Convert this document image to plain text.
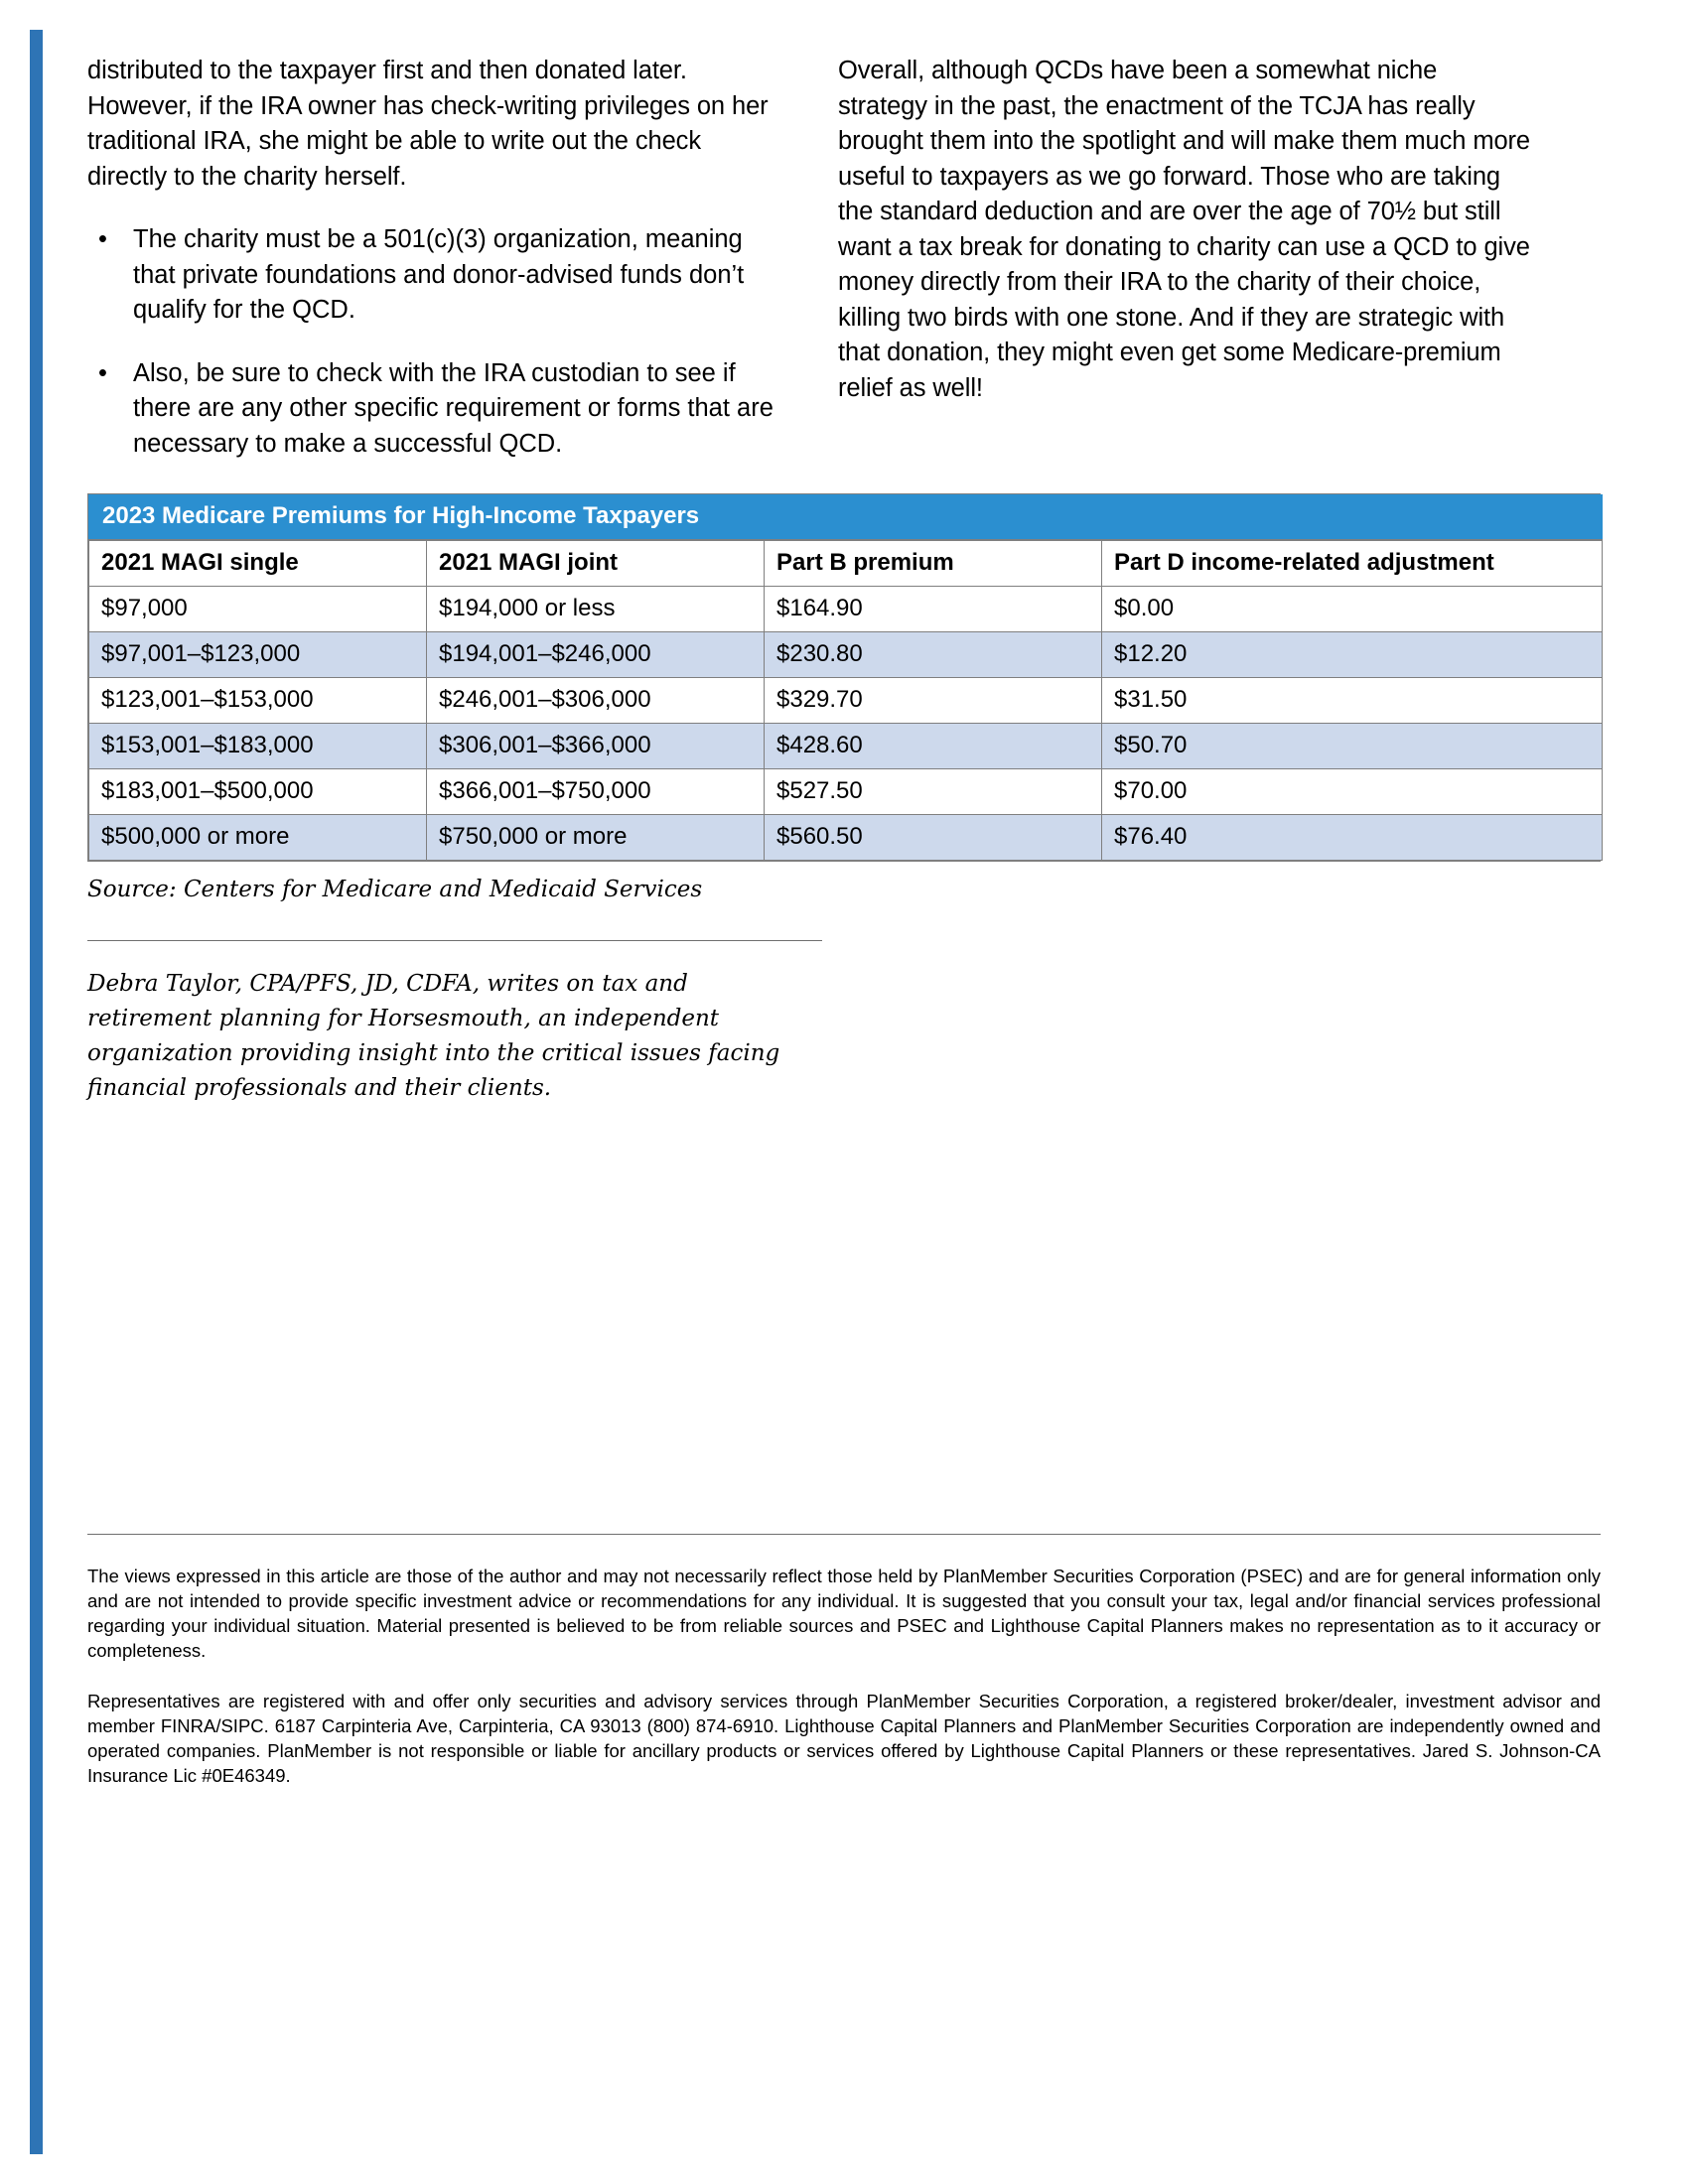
distributed to the taxpayer first and then donated later. However, if the IRA owner has check-writing privileges on her traditional IRA, she might be able to write out the check directly to the charity herself.

• The charity must be a 501(c)(3) organization, meaning that private foundations and donor-advised funds don’t qualify for the QCD.
• Also, be sure to check with the IRA custodian to see if there are any other specific requirement or forms that are necessary to make a successful QCD.

Overall, although QCDs have been a somewhat niche strategy in the past, the enactment of the TCJA has really brought them into the spotlight and will make them much more useful to taxpayers as we go forward. Those who are taking the standard deduction and are over the age of 70½ but still want a tax break for donating to charity can use a QCD to give money directly from their IRA to the charity of their choice, killing two birds with one stone. And if they are strategic with that donation, they might even get some Medicare-premium relief as well!

2023 Medicare Premiums for High-Income Taxpayers
2021 MAGI single	2021 MAGI joint	Part B premium	Part D income-related adjustment
$97,000	$194,000 or less	$164.90	$0.00
$97,001–$123,000	$194,001–$246,000	$230.80	$12.20
$123,001–$153,000	$246,001–$306,000	$329.70	$31.50
$153,001–$183,000	$306,001–$366,000	$428.60	$50.70
$183,001–$500,000	$366,001–$750,000	$527.50	$70.00
$500,000 or more	$750,000 or more	$560.50	$76.40
Source: Centers for Medicare and Medicaid Services
Debra Taylor, CPA/PFS, JD, CDFA, writes on tax and retirement planning for Horsesmouth, an independent organization providing insight into the critical issues facing financial professionals and their clients.

The views expressed in this article are those of the author and may not necessarily reflect those held by PlanMember Securities Corporation (PSEC) and are for general information only and are not intended to provide specific investment advice or recommendations for any individual. It is suggested that you consult your tax, legal and/or financial services professional regarding your individual situation. Material presented is believed to be from reliable sources and PSEC and Lighthouse Capital Planners makes no representation as to it accuracy or completeness.

Representatives are registered with and offer only securities and advisory services through PlanMember Securities Corporation, a registered broker/dealer, investment advisor and member FINRA/SIPC. 6187 Carpinteria Ave, Carpinteria, CA 93013 (800) 874-6910. Lighthouse Capital Planners and PlanMember Securities Corporation are independently owned and operated companies. PlanMember is not responsible or liable for ancillary products or services offered by Lighthouse Capital Planners or these representatives. Jared S. Johnson-CA Insurance Lic #0E46349.
